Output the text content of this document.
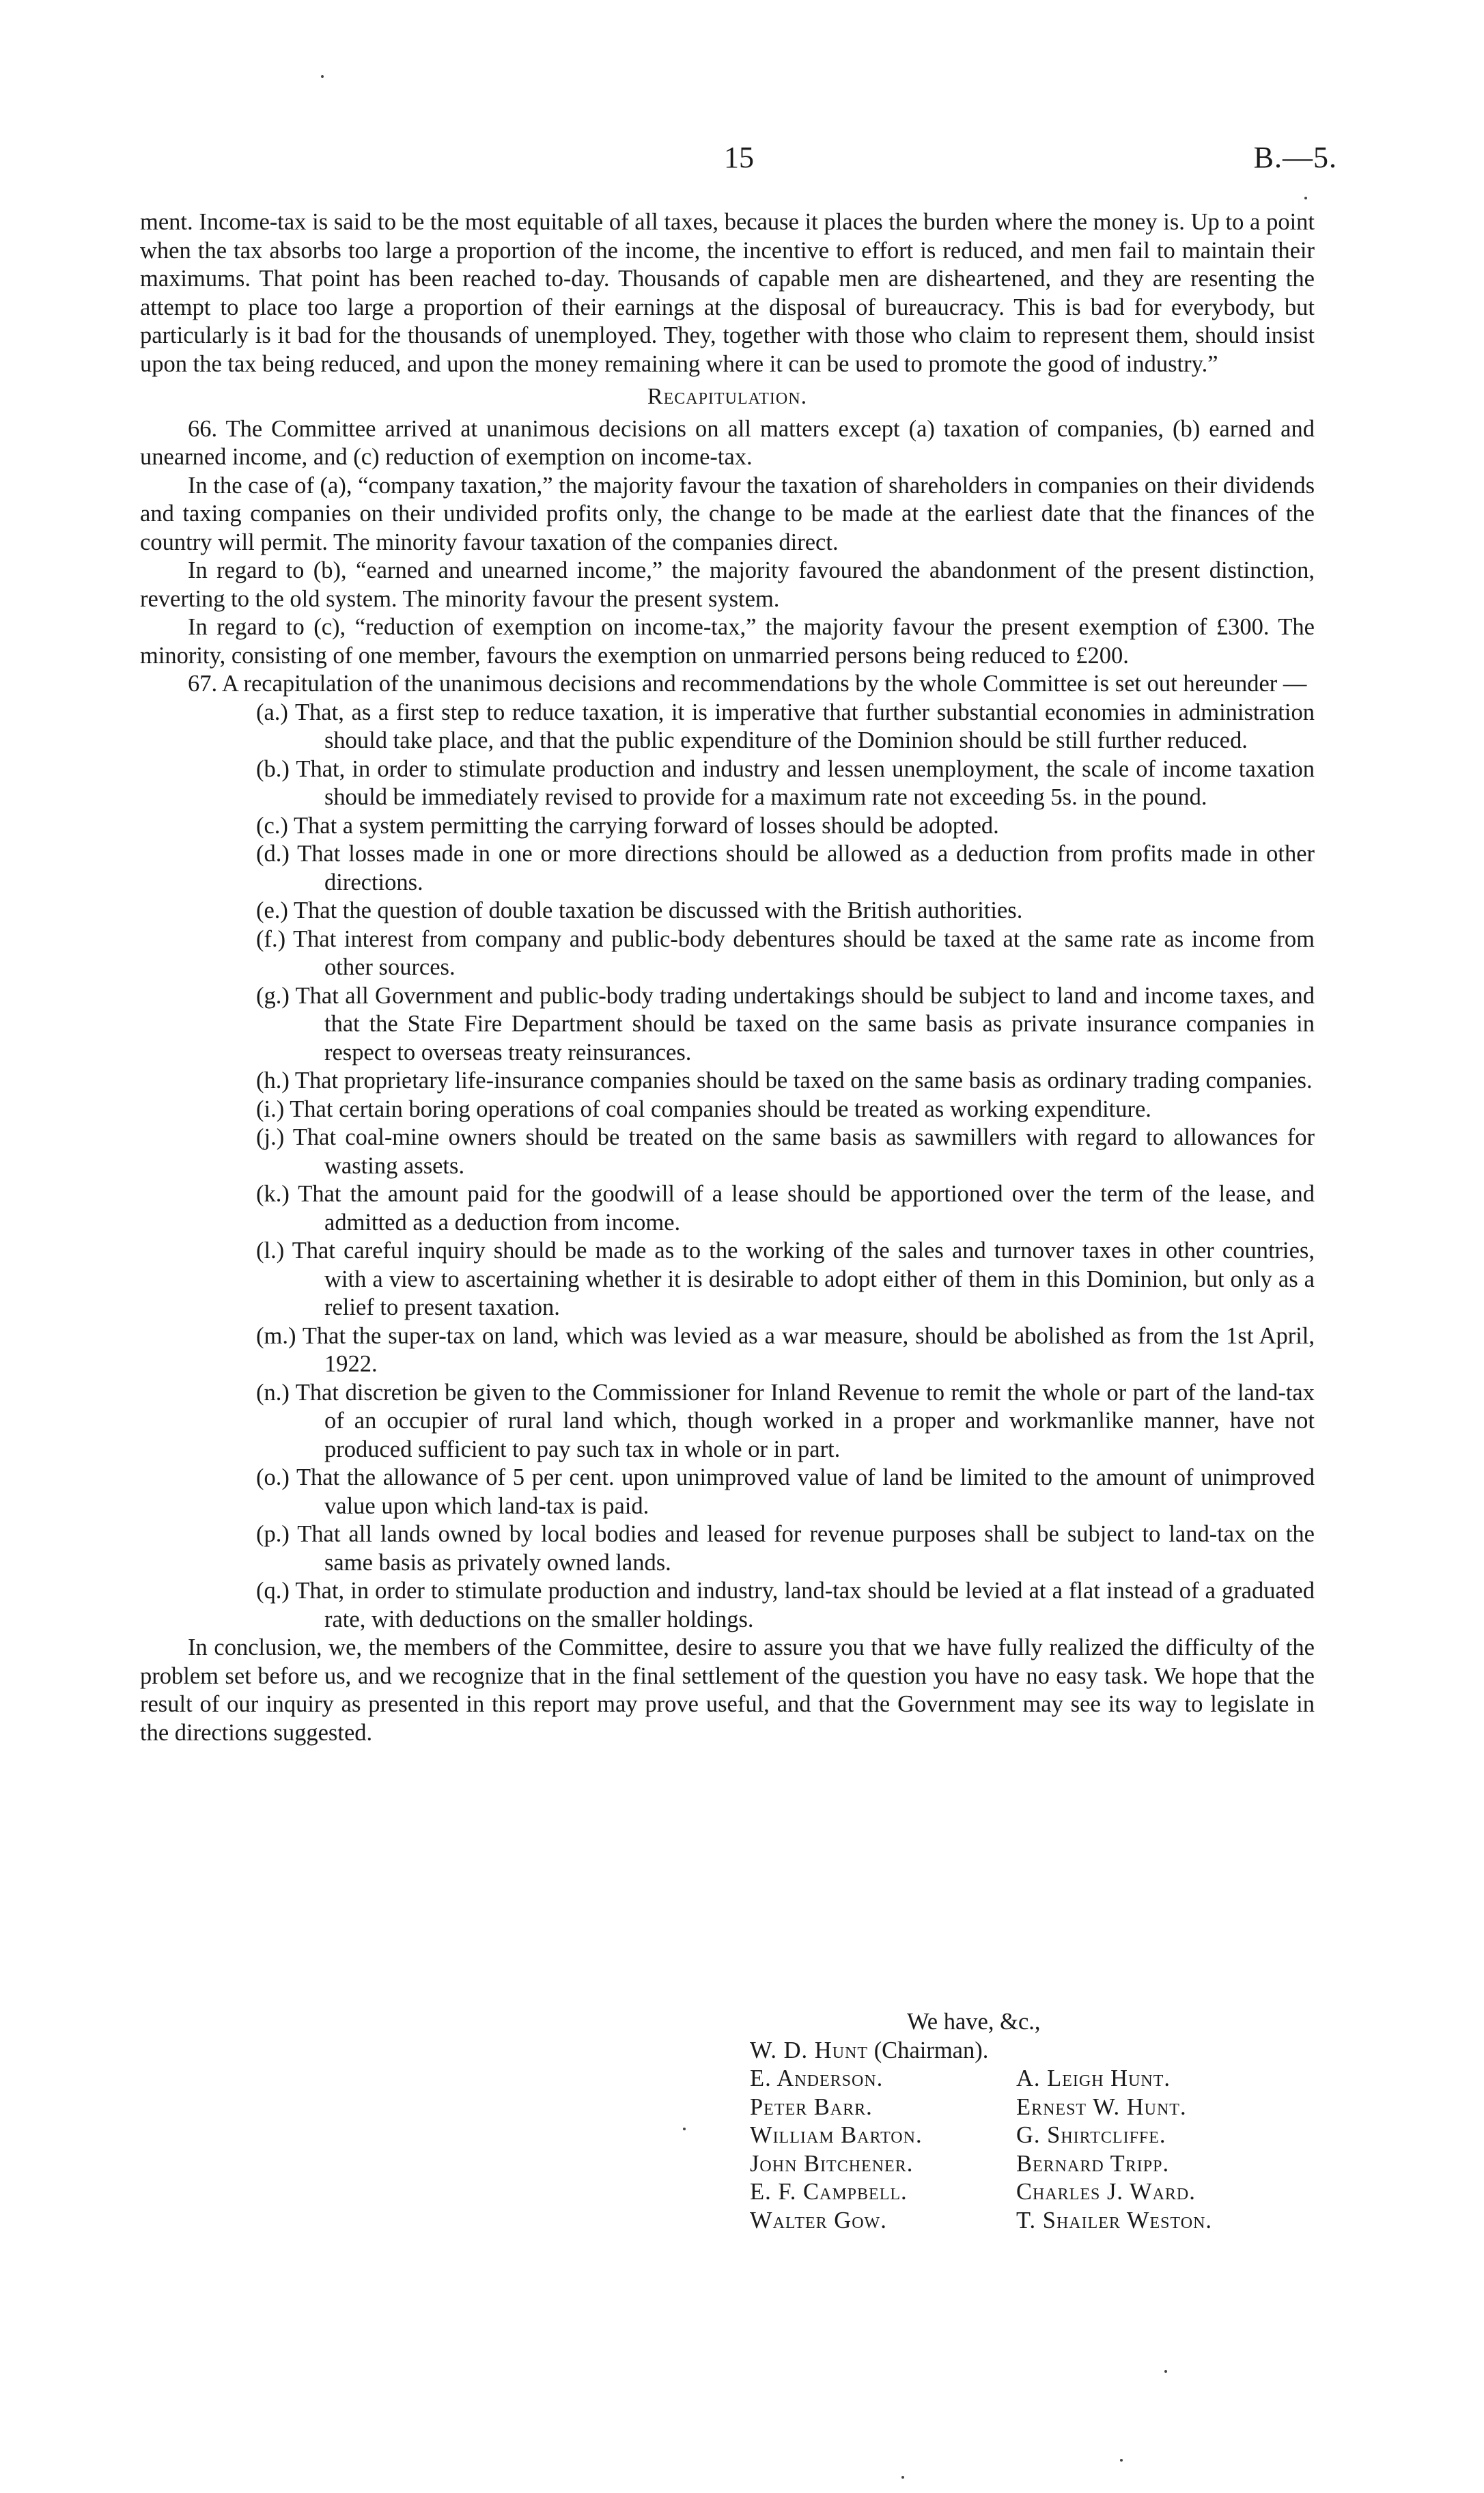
15	B.—5.

ment. Income-tax is said to be the most equitable of all taxes, because it places the burden where the money is. Up to a point when the tax absorbs too large a proportion of the income, the incentive to effort is reduced, and men fail to maintain their maximums. That point has been reached to-day. Thousands of capable men are disheartened, and they are resenting the attempt to place too large a proportion of their earnings at the disposal of bureaucracy. This is bad for everybody, but particularly is it bad for the thousands of unemployed. They, together with those who claim to represent them, should insist upon the tax being reduced, and upon the money remaining where it can be used to promote the good of industry.”

Recapitulation.

66. The Committee arrived at unanimous decisions on all matters except (a) taxation of companies, (b) earned and unearned income, and (c) reduction of exemption on income-tax.

In the case of (a), “company taxation,” the majority favour the taxation of shareholders in companies on their dividends and taxing companies on their undivided profits only, the change to be made at the earliest date that the finances of the country will permit. The minority favour taxation of the companies direct.

In regard to (b), “earned and unearned income,” the majority favoured the abandonment of the present distinction, reverting to the old system. The minority favour the present system.

In regard to (c), “reduction of exemption on income-tax,” the majority favour the present exemption of £300. The minority, consisting of one member, favours the exemption on unmarried persons being reduced to £200.

67. A recapitulation of the unanimous decisions and recommendations by the whole Committee is set out hereunder —

(a.) That, as a first step to reduce taxation, it is imperative that further substantial economies in administration should take place, and that the public expenditure of the Dominion should be still further reduced.
(b.) That, in order to stimulate production and industry and lessen unemployment, the scale of income taxation should be immediately revised to provide for a maximum rate not exceeding 5s. in the pound.
(c.) That a system permitting the carrying forward of losses should be adopted.
(d.) That losses made in one or more directions should be allowed as a deduction from profits made in other directions.
(e.) That the question of double taxation be discussed with the British authorities.
(f.) That interest from company and public-body debentures should be taxed at the same rate as income from other sources.
(g.) That all Government and public-body trading undertakings should be subject to land and income taxes, and that the State Fire Department should be taxed on the same basis as private insurance companies in respect to overseas treaty reinsurances.
(h.) That proprietary life-insurance companies should be taxed on the same basis as ordinary trading companies.
(i.) That certain boring operations of coal companies should be treated as working expenditure.
(j.) That coal-mine owners should be treated on the same basis as sawmillers with regard to allowances for wasting assets.
(k.) That the amount paid for the goodwill of a lease should be apportioned over the term of the lease, and admitted as a deduction from income.
(l.) That careful inquiry should be made as to the working of the sales and turnover taxes in other countries, with a view to ascertaining whether it is desirable to adopt either of them in this Dominion, but only as a relief to present taxation.
(m.) That the super-tax on land, which was levied as a war measure, should be abolished as from the 1st April, 1922.
(n.) That discretion be given to the Commissioner for Inland Revenue to remit the whole or part of the land-tax of an occupier of rural land which, though worked in a proper and workmanlike manner, have not produced sufficient to pay such tax in whole or in part.
(o.) That the allowance of 5 per cent. upon unimproved value of land be limited to the amount of unimproved value upon which land-tax is paid.
(p.) That all lands owned by local bodies and leased for revenue purposes shall be subject to land-tax on the same basis as privately owned lands.
(q.) That, in order to stimulate production and industry, land-tax should be levied at a flat instead of a graduated rate, with deductions on the smaller holdings.

In conclusion, we, the members of the Committee, desire to assure you that we have fully realized the difficulty of the problem set before us, and we recognize that in the final settlement of the question you have no easy task. We hope that the result of our inquiry as presented in this report may prove useful, and that the Government may see its way to legislate in the directions suggested.

We have, &c.,
W. D. Hunt (Chairman).
E. Anderson.
Peter Barr.
William Barton.
John Bitchener.
E. F. Campbell.
Walter Gow.
A. Leigh Hunt.
Ernest W. Hunt.
G. Shirtcliffe.
Bernard Tripp.
Charles J. Ward.
T. Shailer Weston.
